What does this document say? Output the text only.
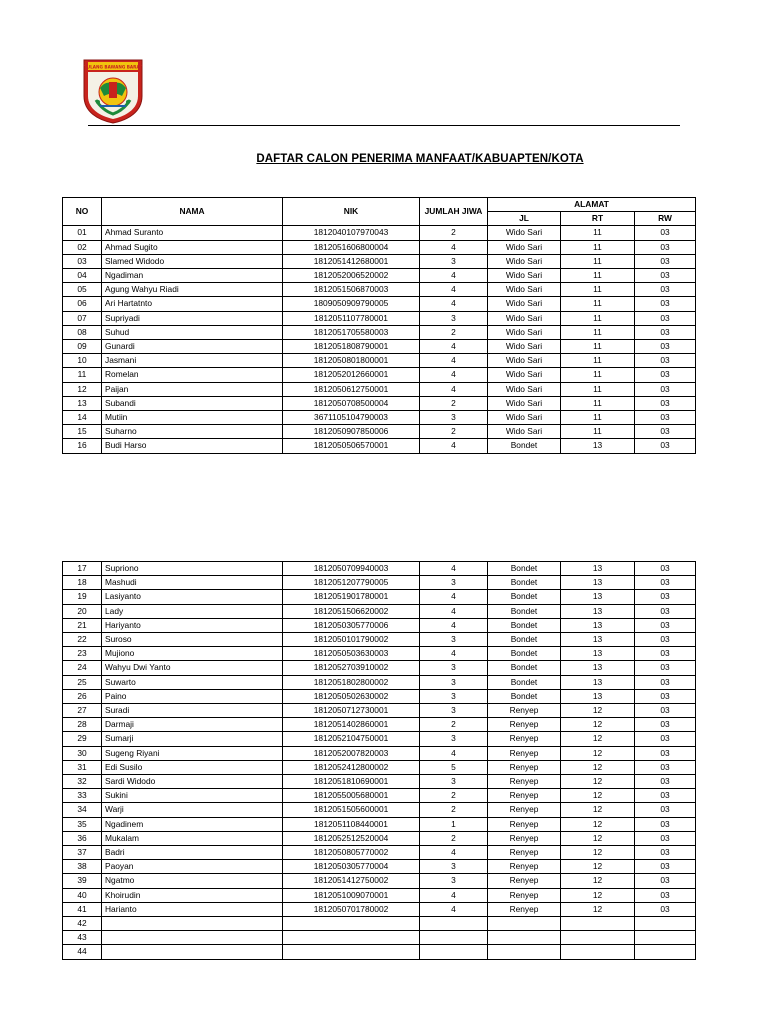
TULANG BAWANG BARAT
DAFTAR CALON PENERIMA MANFAAT/KABUAPTEN/KOTA
NO	NAMA	NIK	JUMLAH JIWA	ALAMAT		
				JL	RT	RW
01	Ahmad Suranto	1812040107970043	2	Wido Sari	11	03
02	Ahmad Sugito	1812051606800004	4	Wido Sari	11	03
03	Slamed Widodo	1812051412680001	3	Wido Sari	11	03
04	Ngadiman	1812052006520002	4	Wido Sari	11	03
05	Agung Wahyu Riadi	1812051506870003	4	Wido Sari	11	03
06	Ari Hartatnto	1809050909790005	4	Wido Sari	11	03
07	Supriyadi	1812051107780001	3	Wido Sari	11	03
08	Suhud	1812051705580003	2	Wido Sari	11	03
09	Gunardi	1812051808790001	4	Wido Sari	11	03
10	Jasmani	1812050801800001	4	Wido Sari	11	03
11	Romelan	1812052012660001	4	Wido Sari	11	03
12	Paijan	1812050612750001	4	Wido Sari	11	03
13	Subandi	1812050708500004	2	Wido Sari	11	03
14	Mutiin	3671105104790003	3	Wido Sari	11	03
15	Suharno	1812050907850006	2	Wido Sari	11	03
16	Budi Harso	1812050506570001	4	Bondet	13	03
17	Supriono	1812050709940003	4	Bondet	13	03
18	Mashudi	1812051207790005	3	Bondet	13	03
19	Lasiyanto	1812051901780001	4	Bondet	13	03
20	Lady	1812051506620002	4	Bondet	13	03
21	Hariyanto	1812050305770006	4	Bondet	13	03
22	Suroso	1812050101790002	3	Bondet	13	03
23	Mujiono	1812050503630003	4	Bondet	13	03
24	Wahyu Dwi Yanto	1812052703910002	3	Bondet	13	03
25	Suwarto	1812051802800002	3	Bondet	13	03
26	Paino	1812050502630002	3	Bondet	13	03
27	Suradi	1812050712730001	3	Renyep	12	03
28	Darmaji	1812051402860001	2	Renyep	12	03
29	Sumarji	1812052104750001	3	Renyep	12	03
30	Sugeng Riyani	1812052007820003	4	Renyep	12	03
31	Edi Susilo	1812052412800002	5	Renyep	12	03
32	Sardi Widodo	1812051810690001	3	Renyep	12	03
33	Sukini	1812055005680001	2	Renyep	12	03
34	Warji	1812051505600001	2	Renyep	12	03
35	Ngadinem	1812051108440001	1	Renyep	12	03
36	Mukalam	1812052512520004	2	Renyep	12	03
37	Badri	1812050805770002	4	Renyep	12	03
38	Paoyan	1812050305770004	3	Renyep	12	03
39	Ngatmo	1812051412750002	3	Renyep	12	03
40	Khoirudin	1812051009070001	4	Renyep	12	03
41	Harianto	1812050701780002	4	Renyep	12	03
42						
43						
44						
